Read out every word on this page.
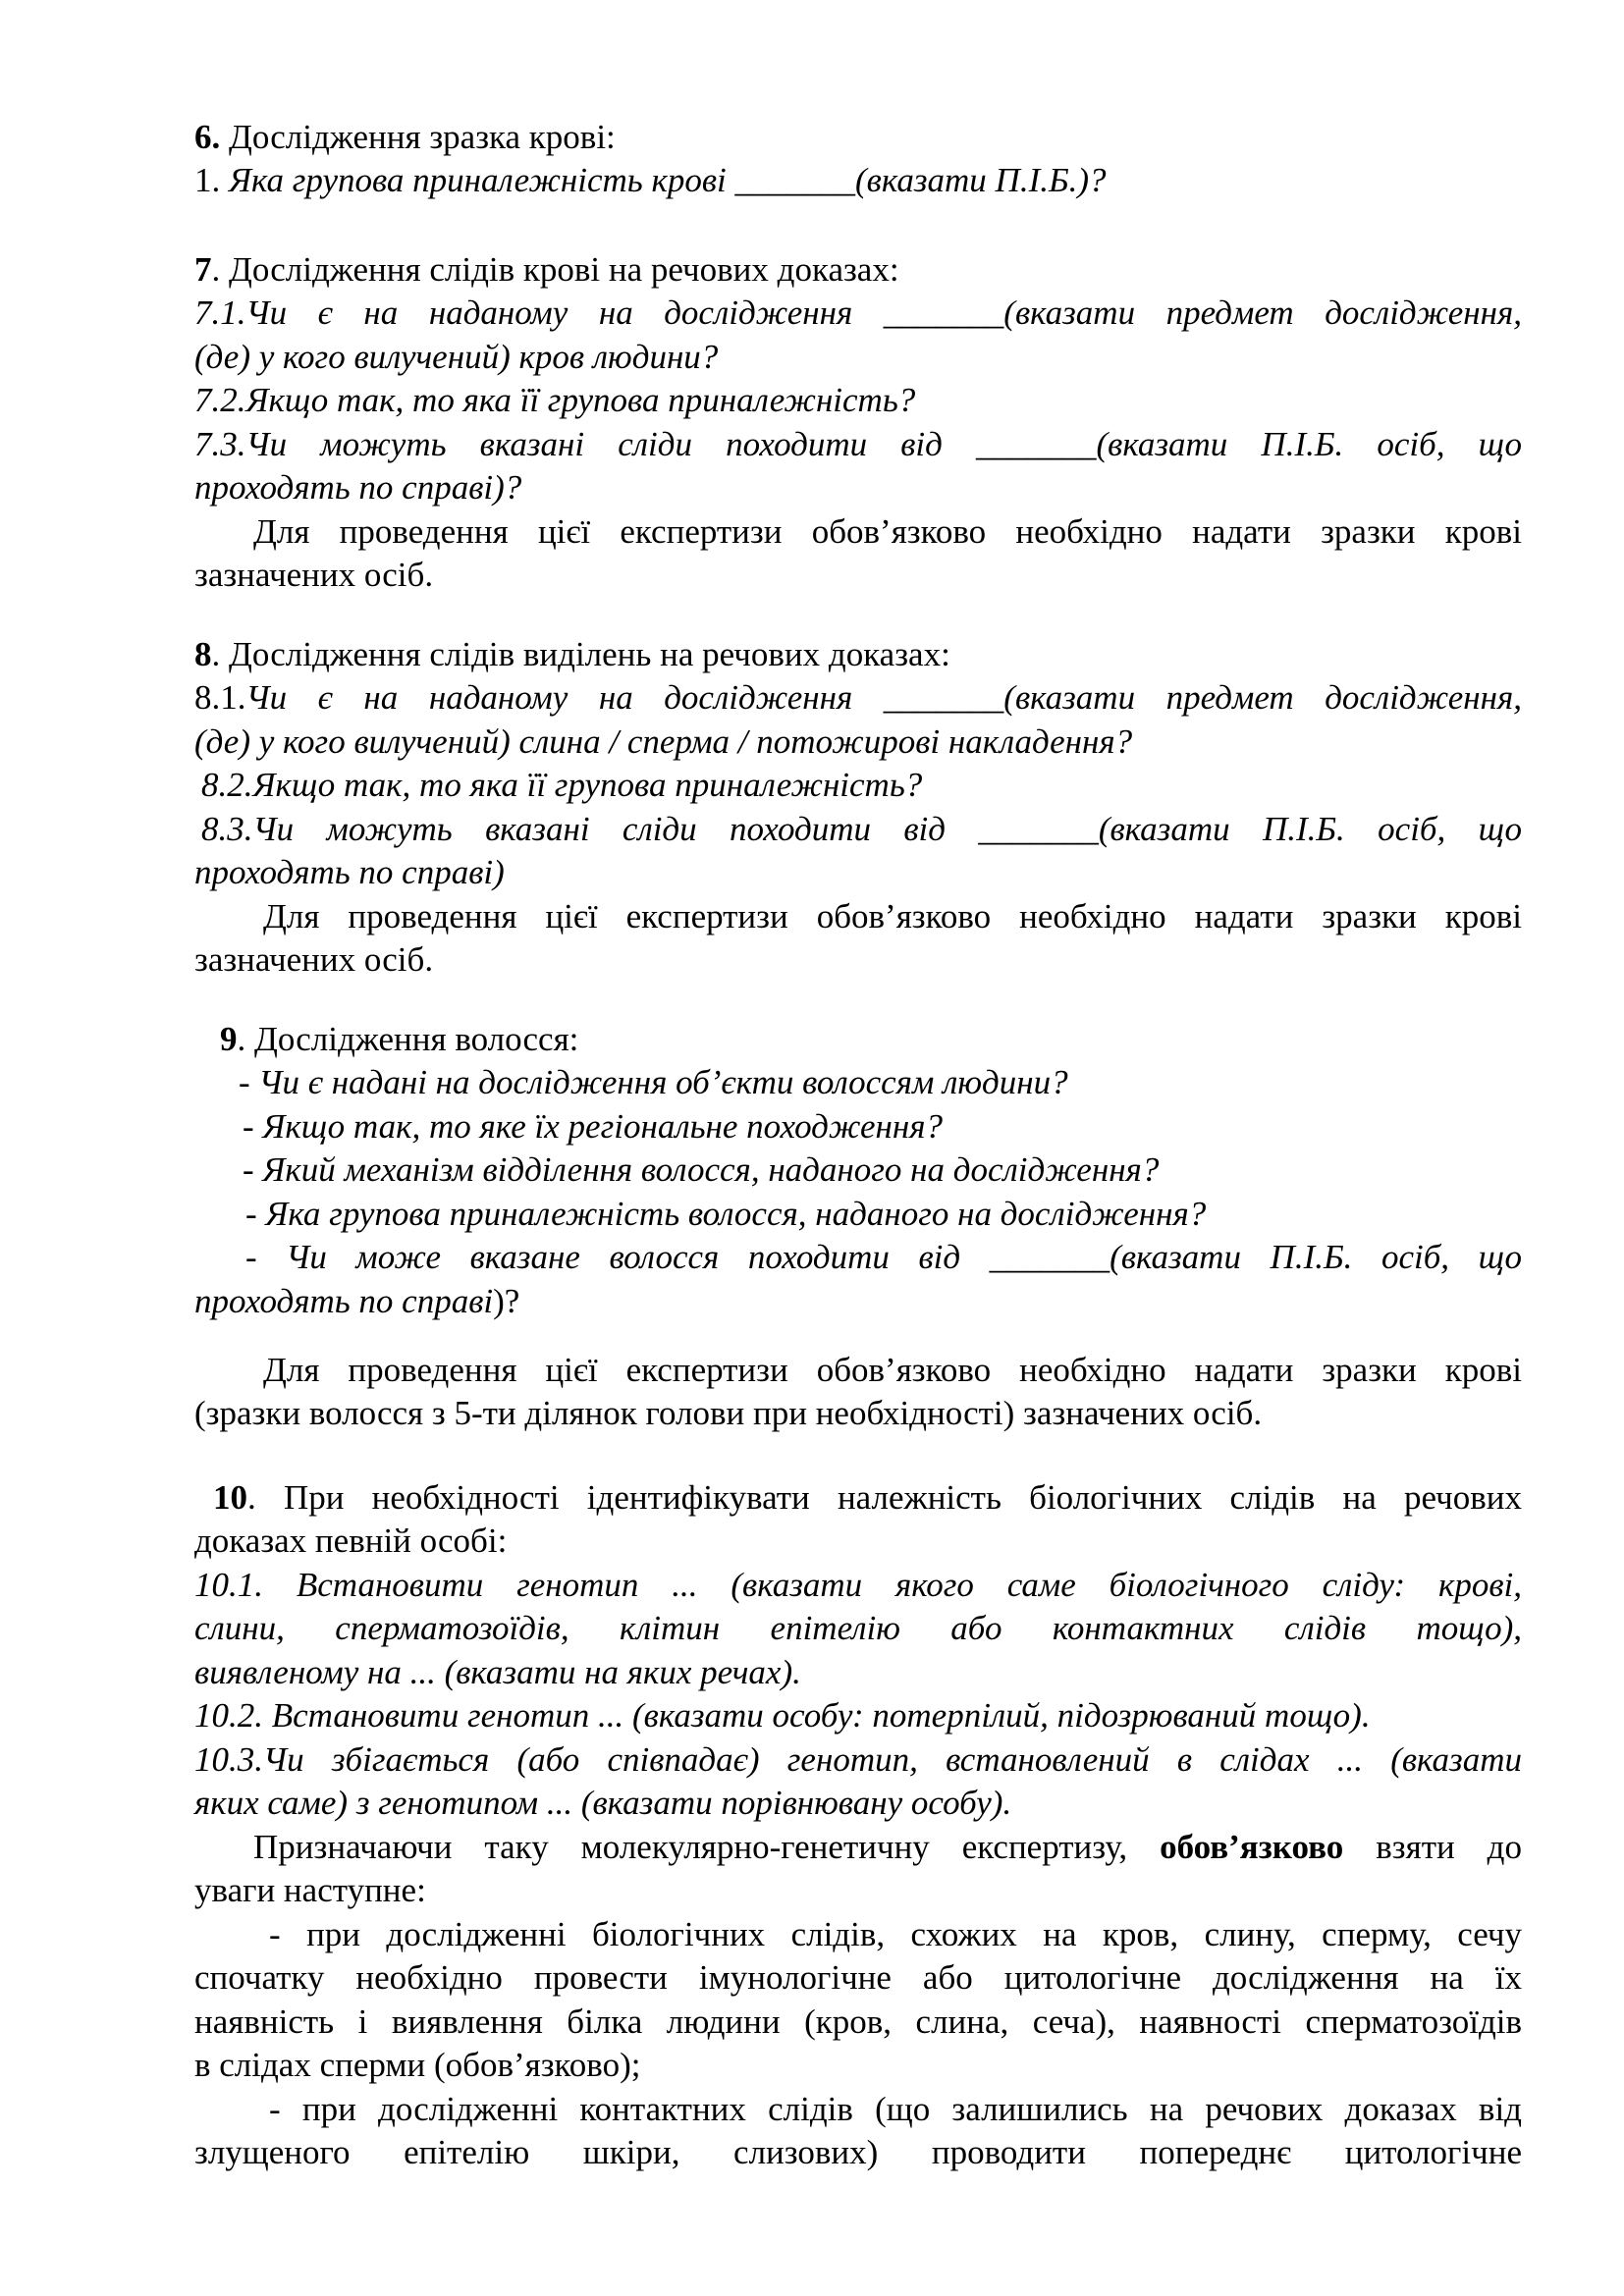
6. Дослідження зразка крові:
1. Яка групова приналежність крові _______(вказати П.І.Б.)?
7. Дослідження слідів крові на речових доказах:
7.1.Чи є на наданому на дослідження _______(вказати предмет дослідження,
(де) у кого вилучений) кров людини?
7.2.Якщо так, то яка її групова приналежність?
7.3.Чи можуть вказані сліди походити від _______(вказати П.І.Б. осіб, що
проходять по справі)?
Для проведення цієї експертизи обов’язково необхідно надати зразки крові
зазначених осіб.
8. Дослідження слідів виділень на речових доказах:
8.1.Чи є на наданому на дослідження _______(вказати предмет дослідження,
(де) у кого вилучений) слина / сперма / потожирові накладення?
8.2.Якщо так, то яка її групова приналежність?
8.3.Чи можуть вказані сліди походити від _______(вказати П.І.Б. осіб, що
проходять по справі)
Для проведення цієї експертизи обов’язково необхідно надати зразки крові
зазначених осіб.
9. Дослідження волосся:
- Чи є надані на дослідження об’єкти волоссям людини?
- Якщо так, то яке їх регіональне походження?
- Який механізм відділення волосся, наданого на дослідження?
- Яка групова приналежність волосся, наданого на дослідження?
- Чи може вказане волосся походити від _______(вказати П.І.Б. осіб, що
проходять по справі)?
Для проведення цієї експертизи обов’язково необхідно надати зразки крові
(зразки волосся з 5-ти ділянок голови при необхідності) зазначених осіб.
10. При необхідності ідентифікувати належність біологічних слідів на речових
доказах певній особі:
10.1. Встановити генотип ... (вказати якого саме біологічного сліду: крові,
слини, сперматозоїдів, клітин епітелію або контактних слідів тощо),
виявленому на ... (вказати на яких речах).
10.2. Встановити генотип ... (вказати особу: потерпілий, підозрюваний тощо).
10.3.Чи збігається (або співпадає) генотип, встановлений в слідах ... (вказати
яких саме) з генотипом ... (вказати порівнювану особу).
Призначаючи таку молекулярно-генетичну експертизу, обов’язково взяти до
уваги наступне:
- при дослідженні біологічних слідів, схожих на кров, слину, сперму, сечу
спочатку необхідно провести імунологічне або цитологічне дослідження на їх
наявність і виявлення білка людини (кров, слина, сеча), наявності сперматозоїдів
в слідах сперми (обов’язково);
- при дослідженні контактних слідів (що залишились на речових доказах від
злущеного епітелію шкіри, слизових) проводити попереднє цитологічне
